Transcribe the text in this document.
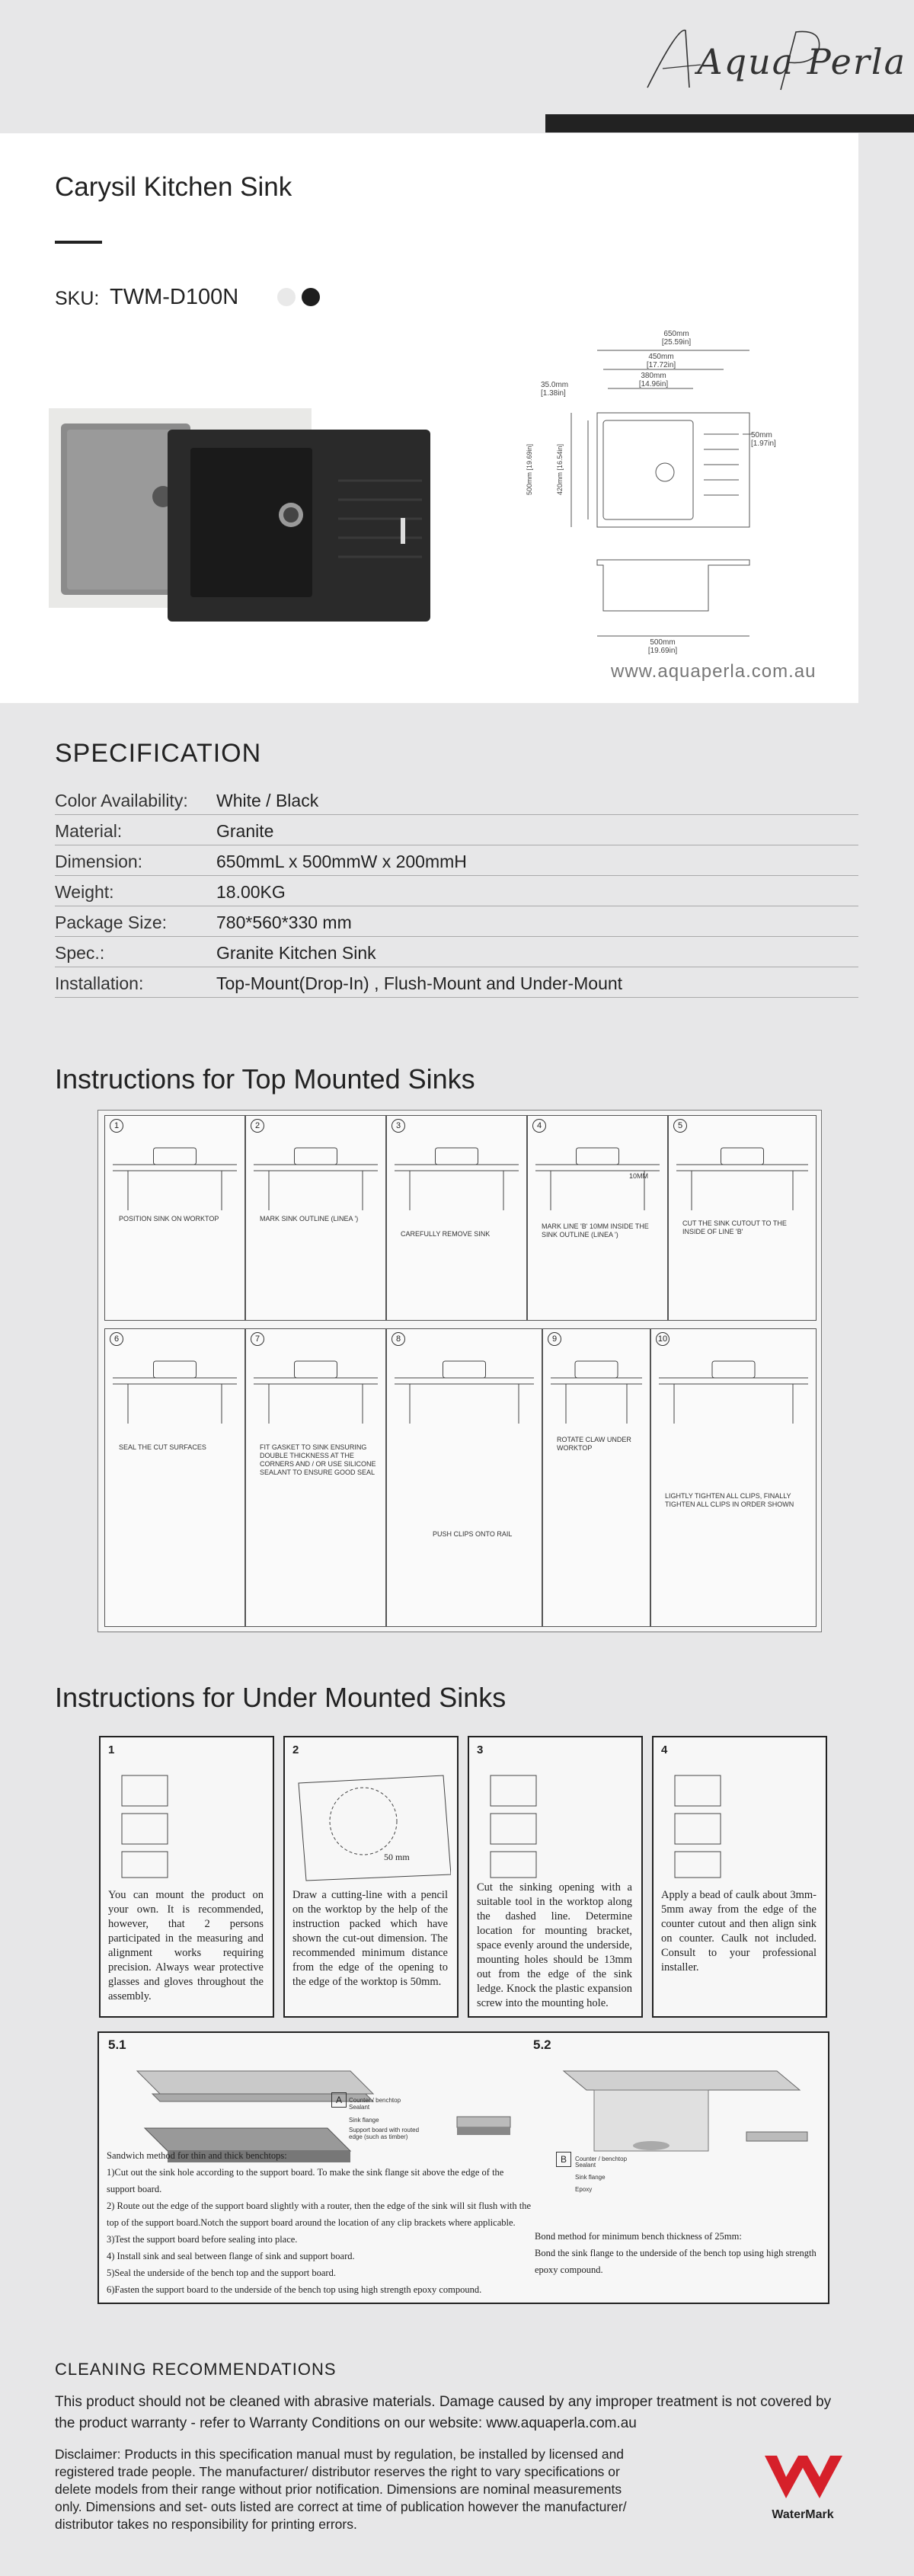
Aqua Perla
Carysil Kitchen Sink
SKU: TWM-D100N
650mm
[25.59in]
450mm
[17.72in]
380mm
[14.96in]
35.0mm
[1.38in]
50mm
[1.97in]
500mm [19.69in]
420mm [16.54in]
500mm
[19.69in]
www.aquaperla.com.au
SPECIFICATION
Color Availability:	White / Black
Material:	Granite
Dimension:	650mmL x 500mmW x 200mmH
Weight:	18.00KG
Package Size:	780*560*330 mm
Spec.:	Granite Kitchen Sink
Installation:	Top-Mount(Drop-In) , Flush-Mount and Under-Mount
Instructions for Top Mounted Sinks
1
POSITION SINK ON WORKTOP
2
MARK SINK OUTLINE (LINEA ')
3
CAREFULLY REMOVE SINK
4
MARK LINE 'B' 10MM INSIDE THE SINK OUTLINE (LINEA ')
10MM
5
CUT THE SINK CUTOUT TO THE INSIDE OF LINE 'B'
6
SEAL THE CUT SURFACES
7
FIT GASKET TO SINK ENSURING DOUBLE THICKNESS AT THE CORNERS AND / OR USE SILICONE SEALANT TO ENSURE GOOD SEAL
8
PUSH CLIPS ONTO RAIL
9
ROTATE CLAW UNDER WORKTOP
10
LIGHTLY TIGHTEN ALL CLIPS, FINALLY TIGHTEN ALL CLIPS IN ORDER SHOWN
Instructions for Under Mounted Sinks
1
You can mount the product on your own. It is recommended, however, that 2 persons participated in the measuring and alignment works requiring precision. Always wear protective glasses and gloves throughout the assembly.
2
50 mm
Draw a cutting-line with a pencil on the worktop by the help of the instruction packed which have shown the cut-out dimension. The recommended minimum distance from the edge of the opening to the edge of the worktop is 50mm.
3
Cut the sinking opening with a suitable tool in the worktop along the dashed line. Determine location for mounting bracket, space evenly around the underside, mounting holes should be 13mm out from the edge of the sink ledge. Knock the plastic expansion screw into the mounting hole.
4
Apply a bead of caulk about 3mm-5mm away from the edge of the counter cutout and then align sink on counter. Caulk not included. Consult to your professional installer.
5.1	5.2
A	Counter / benchtop
Sealant
Sink flange
Support board with routed edge (such as timber)
Sandwich method for thin and thick benchtops:
1)Cut out the sink hole according to the support board. To make the sink flange sit above the edge of the support board.
2) Route out the edge of the support board slightly with a router, then the edge of the sink will sit flush with the top of the support board.Notch the support board around the location of any clip brackets where applicable.
3)Test the support board before sealing into place.
4) Install sink and seal between flange of sink and support board.
5)Seal the underside of the bench top and the support board.
6)Fasten the support board to the underside of the bench top using high strength epoxy compound.
B	Counter / benchtop
Sealant
Sink flange
Epoxy
Bond method for minimum bench thickness of 25mm:
Bond the sink flange to the underside of the bench top using high strength epoxy compound.
CLEANING RECOMMENDATIONS
This product should not be cleaned with abrasive materials. Damage caused by any improper treatment is not covered by the product warranty - refer to Warranty Conditions on our website: www.aquaperla.com.au
Disclaimer: Products in this specification manual must by regulation, be installed by licensed and registered trade people. The manufacturer/ distributor reserves the right to vary specifications or delete models from their range without prior notification. Dimensions are nominal measurements only. Dimensions and set- outs listed are correct at time of publication however the manufacturer/ distributor takes no responsibility for printing errors.
WaterMark
